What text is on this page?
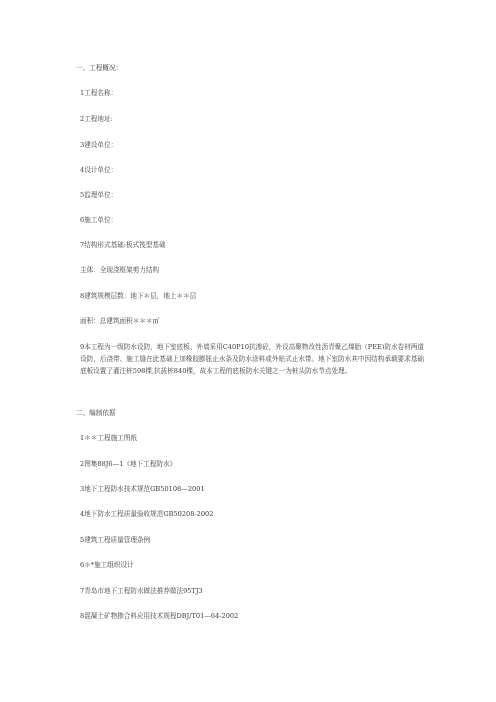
一、工程概况：
1工程名称：
2工程地址:
3建设单位：
4设计单位：
5监理单位：
6施工单位：
7结构形式基础:板式筏型基础
主体：全现浇框架剪力结构
8建筑规模层数：地下＊层，地上＊＊层
面积：总建筑面积＊＊＊㎡
9本工程为一级防水设防，地下室底板、外墙采用C40P10抗渗砼，外设高聚物改性沥青聚乙烯胎（PEE)防水卷材两道设防，后浇带、施工缝在此基础上加橡胶膨胀止水条及防水涂料或外贴式止水带。地下室防水其中因结构承载要求基础底板设置了灌注桩598棵,抗拔桩840棵，故本工程的底板防水关键之一为桩头防水节点处理。
二、编制依据
1＊＊工程施工图纸
2图集88J6—1《地下工程防水》
3地下工程防水技术规范GB50108—2001
4地下防水工程质量验收规范GB50208-2002
5建筑工程质量管理条例
6＊*施工组织设计
7青岛市地下工程防水做法推荐做法95TJ3
8混凝土矿物掺合料应用技术规程DBJ/T01—64-2002
